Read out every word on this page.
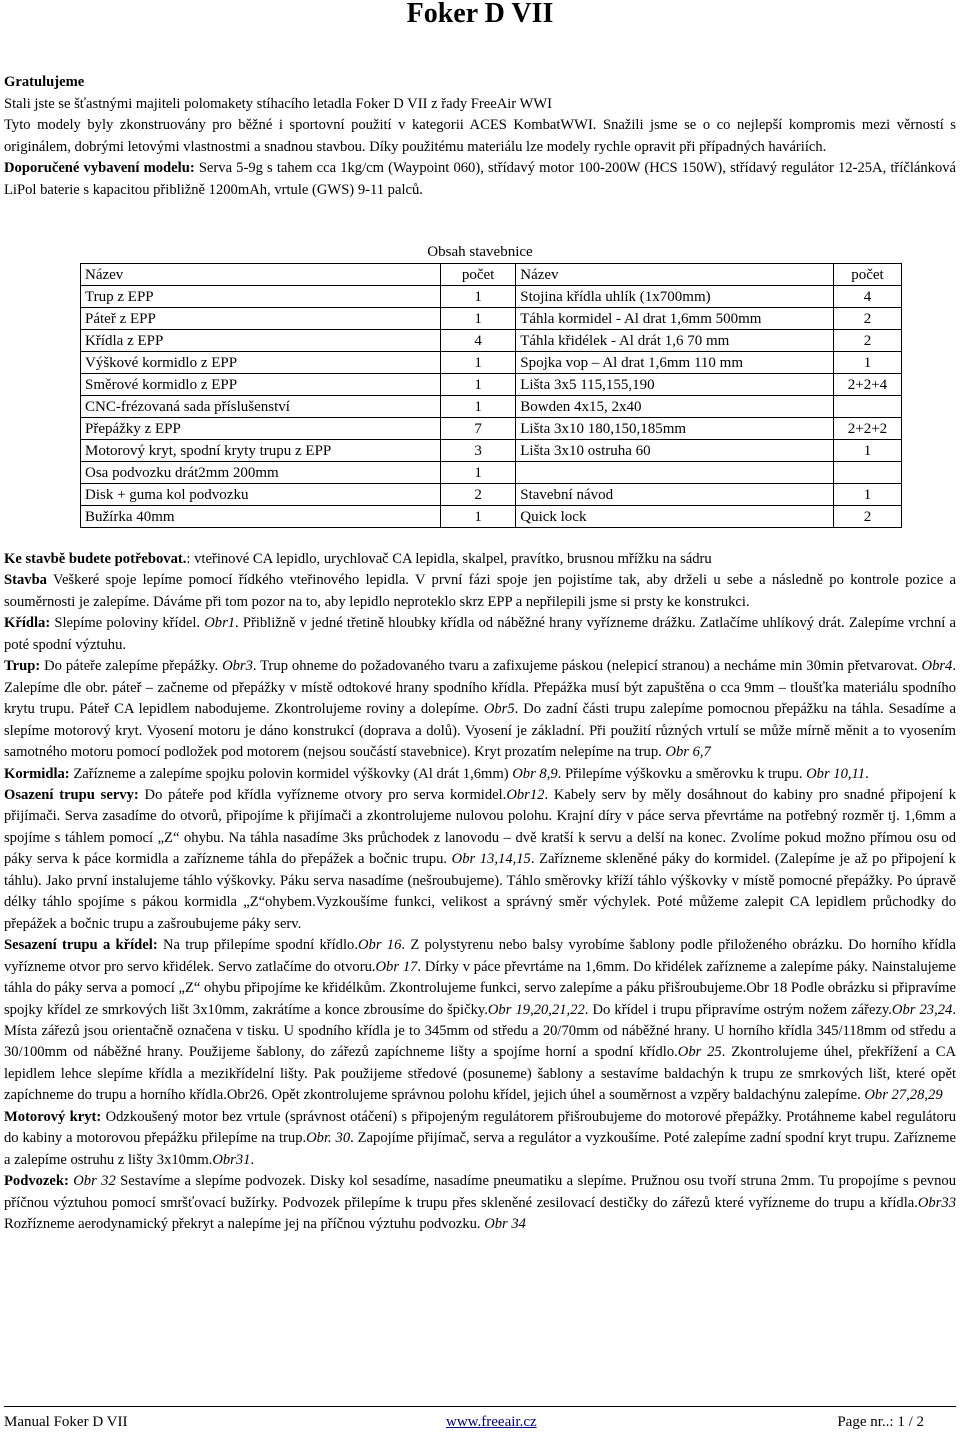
Foker D VII

Gratulujeme

Stali jste se šťastnými majiteli polomakety stíhacího letadla Foker D VII z řady FreeAir WWI

Tyto modely byly zkonstruovány pro běžné i sportovní použití v kategorii ACES KombatWWI. Snažili jsme se o co nejlepší kompromis mezi věrností s originálem, dobrými letovými vlastnostmi a snadnou stavbou. Díky použitému materiálu lze modely rychle opravit při případných haváriích.

Doporučené vybavení modelu: Serva 5-9g s tahem cca 1kg/cm (Waypoint 060), střídavý motor 100-200W (HCS 150W), střídavý regulátor 12-25A, tříčlánková LiPol baterie s kapacitou přibližně 1200mAh, vrtule (GWS) 9-11 palců.

Obsah stavebnice
Název	počet	Název	počet
Trup z EPP	1	Stojina křídla uhlík (1x700mm)	4
Páteř z EPP	1	Táhla kormidel - Al drat 1,6mm 500mm	2
Křídla z EPP	4	Táhla křidélek - Al drát 1,6 70 mm	2
Výškové kormidlo z EPP	1	Spojka vop – Al drat 1,6mm 110 mm	1
Směrové kormidlo z EPP	1	Lišta 3x5 115,155,190	2+2+4
CNC-frézovaná sada příslušenství	1	Bowden 4x15, 2x40	
Přepážky z EPP	7	Lišta 3x10 180,150,185mm	2+2+2
Motorový kryt, spodní kryty trupu z EPP	3	Lišta 3x10 ostruha 60	1
Osa podvozku drát2mm 200mm	1		
Disk + guma kol podvozku	2	Stavební návod	1
Bužírka 40mm	1	Quick lock	2

Ke stavbě budete potřebovat.: vteřinové CA lepidlo, urychlovač CA lepidla, skalpel, pravítko, brusnou mřížku na sádru

Stavba Veškeré spoje lepíme pomocí řídkého vteřinového lepidla. V první fázi spoje jen pojistíme tak, aby drželi u sebe a následně po kontrole pozice a souměrnosti je zalepíme. Dáváme při tom pozor na to, aby lepidlo neproteklo skrz EPP a nepřilepili jsme si prsty ke konstrukci.

Křídla: Slepíme poloviny křídel. Obr1. Přibližně v jedné třetině hloubky křídla od náběžné hrany vyřízneme drážku. Zatlačíme uhlíkový drát. Zalepíme vrchní a poté spodní výztuhu.

Trup: Do páteře zalepíme přepážky. Obr3. Trup ohneme do požadovaného tvaru a zafixujeme páskou (nelepicí stranou) a necháme min 30min přetvarovat. Obr4. Zalepíme dle obr. páteř – začneme od přepážky v místě odtokové hrany spodního křídla. Přepážka musí být zapuštěna o cca 9mm – tloušťka materiálu spodního krytu trupu. Páteř CA lepidlem nabodujeme. Zkontrolujeme roviny a dolepíme. Obr5. Do zadní části trupu zalepíme pomocnou přepážku na táhla. Sesadíme a slepíme motorový kryt. Vyosení motoru je dáno konstrukcí (doprava a dolů). Vyosení je základní. Při použití různých vrtulí se může mírně měnit a to vyosením samotného motoru pomocí podložek pod motorem (nejsou součástí stavebnice). Kryt prozatím nelepíme na trup. Obr 6,7

Kormidla: Zařízneme a zalepíme spojku polovin kormidel výškovky (Al drát 1,6mm) Obr 8,9. Přilepíme výškovku a směrovku k trupu. Obr 10,11.

Osazení trupu servy: Do páteře pod křídla vyřízneme otvory pro serva kormidel.Obr12. Kabely serv by měly dosáhnout do kabiny pro snadné připojení k přijímači. Serva zasadíme do otvorů, připojíme k přijímači a zkontrolujeme nulovou polohu. Krajní díry v páce serva převrtáme na potřebný rozměr tj. 1,6mm a spojíme s táhlem pomocí „Z“ ohybu. Na táhla nasadíme 3ks průchodek z lanovodu – dvě kratší k servu a delší na konec. Zvolíme pokud možno přímou osu od páky serva k páce kormidla a zařízneme táhla do přepážek a bočnic trupu. Obr 13,14,15. Zařízneme skleněné páky do kormidel. (Zalepíme je až po připojení k táhlu). Jako první instalujeme táhlo výškovky. Páku serva nasadíme (nešroubujeme). Táhlo směrovky kříží táhlo výškovky v místě pomocné přepážky. Po úpravě délky táhlo spojíme s pákou kormidla „Z“ohybem.Vyzkoušíme funkci, velikost a správný směr výchylek. Poté můžeme zalepit CA lepidlem průchodky do přepážek a bočnic trupu a zašroubujeme páky serv.

Sesazení trupu a křídel: Na trup přilepíme spodní křídlo.Obr 16. Z polystyrenu nebo balsy vyrobíme šablony podle přiloženého obrázku. Do horního křídla vyřízneme otvor pro servo křidélek. Servo zatlačíme do otvoru.Obr 17. Dírky v páce převrtáme na 1,6mm. Do křidélek zařízneme a zalepíme páky. Nainstalujeme táhla do páky serva a pomocí „Z“ ohybu připojíme ke křidélkům. Zkontrolujeme funkci, servo zalepíme a páku přišroubujeme.Obr 18 Podle obrázku si připravíme spojky křídel ze smrkových lišt 3x10mm, zakrátíme a konce zbrousíme do špičky.Obr 19,20,21,22. Do křídel i trupu připravíme ostrým nožem zářezy.Obr 23,24. Místa zářezů jsou orientačně označena v tisku. U spodního křídla je to 345mm od středu a 20/70mm od náběžné hrany. U horního křídla 345/118mm od středu a 30/100mm od náběžné hrany. Použijeme šablony, do zářezů zapíchneme lišty a spojíme horní a spodní křídlo.Obr 25. Zkontrolujeme úhel, překřížení a CA lepidlem lehce slepíme křídla a mezikřídelní lišty. Pak použijeme středové (posuneme) šablony a sestavíme baldachýn k trupu ze smrkových lišt, které opět zapíchneme do trupu a horního křídla.Obr26. Opět zkontrolujeme správnou polohu křídel, jejich úhel a souměrnost a vzpěry baldachýnu zalepíme. Obr 27,28,29

Motorový kryt: Odzkoušený motor bez vrtule (správnost otáčení) s připojeným regulátorem přišroubujeme do motorové přepážky. Protáhneme kabel regulátoru do kabiny a motorovou přepážku přilepíme na trup.Obr. 30. Zapojíme přijímač, serva a regulátor a vyzkoušíme. Poté zalepíme zadní spodní kryt trupu. Zařízneme a zalepíme ostruhu z lišty 3x10mm.Obr31.

Podvozek: Obr 32 Sestavíme a slepíme podvozek. Disky kol sesadíme, nasadíme pneumatiku a slepíme. Pružnou osu tvoří struna 2mm. Tu propojíme s pevnou příčnou výztuhou pomocí smršťovací bužírky. Podvozek přilepíme k trupu přes skleněné zesilovací destičky do zářezů které vyřízneme do trupu a křídla.Obr33 Rozřízneme aerodynamický překryt a nalepíme jej na příčnou výztuhu podvozku. Obr 34

Manual Foker D VII	www.freeair.cz	Page nr..: 1 / 2
